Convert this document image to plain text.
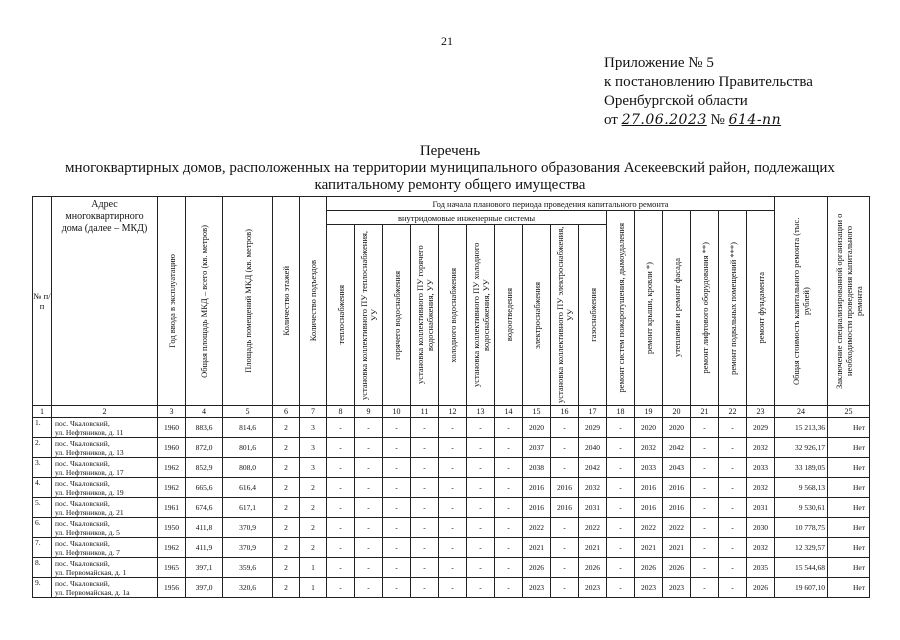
21
Приложение № 5
к постановлению Правительства
Оренбургской области
от 27.06.2023 № 614-пп
Перечень
многоквартирных домов, расположенных на территории муниципального образования Асекеевский район, подлежащих
капитальному ремонту общего имущества
№ п/п	Адрес многоквартирного дома (далее – МКД)	Год ввода в эксплуатацию	Общая площадь МКД – всего (кв. метров)	Площадь помещений МКД (кв. метров)	Количество этажей	Количество подъездов	Год начала планового периода проведения капитального ремонта																Общая стоимость капитального ремонта (тыс. рублей)	Заключение специализированной организации о необходимости проведения капитального ремонта

							внутридомовые инженерные системы										ремонт систем пожаротушения, дымоудаления	ремонт крыши, кровли *)	утепление и ремонт фасада	ремонт лифтового оборудования **)	ремонт подвальных помещений ***)	ремонт фундамента		

							теплоснабжения	установка коллективного ПУ теплоснабжения, УУ	горячего водоснабжения	установка коллективного ПУ горячего водоснабжения, УУ	холодного водоснабжения	установка коллективного ПУ холодного водоснабжения, УУ	водоотведения	электроснабжения	установка коллективного ПУ электроснабжения, УУ	газоснабжения								

1	2	3	4	5	6	7	8	9	10	11	12	13	14	15	16	17	18	19	20	21	22	23	24	25
1.	пос. Чкаловский,
ул. Нефтяников, д. 11	1960	883,6	814,6	2	3	-	-	-	-	-	-	-	2020	-	2029	-	2020	2020	-	-	2029	15 213,36	Нет
2.	пос. Чкаловский,
ул. Нефтяников, д. 13	1960	872,0	801,6	2	3	-	-	-	-	-	-	-	2037	-	2040	-	2032	2042	-	-	2032	32 926,17	Нет
3.	пос. Чкаловский,
ул. Нефтяников, д. 17	1962	852,9	808,0	2	3	-	-	-	-	-	-	-	2038	-	2042	-	2033	2043	-	-	2033	33 189,05	Нет
4.	пос. Чкаловский,
ул. Нефтяников, д. 19	1962	665,6	616,4	2	2	-	-	-	-	-	-	-	2016	2016	2032	-	2016	2016	-	-	2032	9 568,13	Нет
5.	пос. Чкаловский,
ул. Нефтяников, д. 21	1961	674,6	617,1	2	2	-	-	-	-	-	-	-	2016	2016	2031	-	2016	2016	-	-	2031	9 530,61	Нет
6.	пос. Чкаловский,
ул. Нефтяников, д. 5	1950	411,8	370,9	2	2	-	-	-	-	-	-	-	2022	-	2022	-	2022	2022	-	-	2030	10 778,75	Нет
7.	пос. Чкаловский,
ул. Нефтяников, д. 7	1962	411,9	370,9	2	2	-	-	-	-	-	-	-	2021	-	2021	-	2021	2021	-	-	2032	12 329,57	Нет
8.	пос. Чкаловский,
ул. Первомайская, д. 1	1965	397,1	359,6	2	1	-	-	-	-	-	-	-	2026	-	2026	-	2026	2026	-	-	2035	15 544,68	Нет
9.	пос. Чкаловский,
ул. Первомайская, д. 1а	1956	397,0	320,6	2	1	-	-	-	-	-	-	-	2023	-	2023	-	2023	2023	-	-	2026	19 607,10	Нет
